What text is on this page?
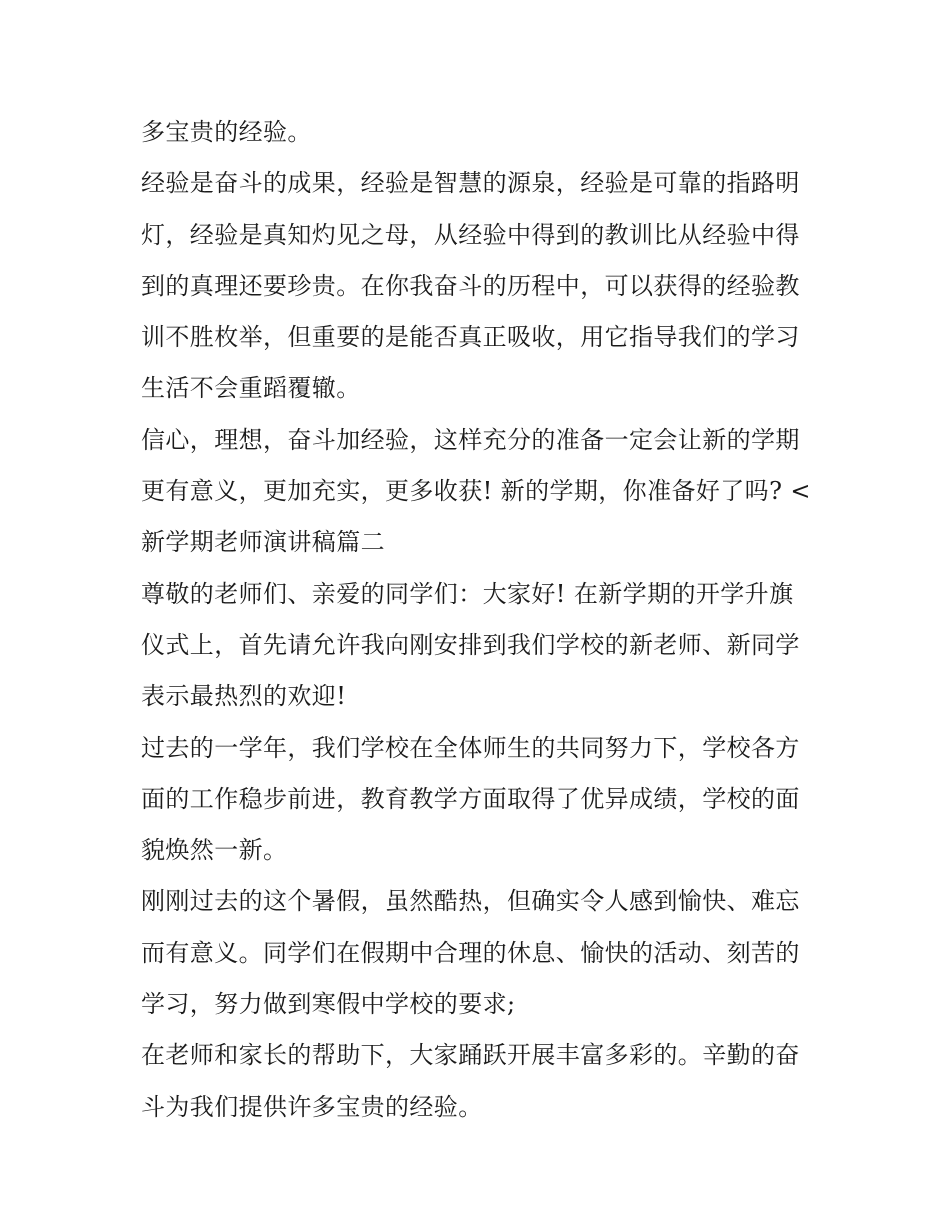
多宝贵的经验。
经验是奋斗的成果，经验是智慧的源泉，经验是可靠的指路明
灯，经验是真知灼见之母，从经验中得到的教训比从经验中得
到的真理还要珍贵。在你我奋斗的历程中，可以获得的经验教
训不胜枚举，但重要的是能否真正吸收，用它指导我们的学习
生活不会重蹈覆辙。
信心，理想，奋斗加经验，这样充分的准备一定会让新的学期
更有意义，更加充实，更多收获! 新的学期，你准备好了吗? <
新学期老师演讲稿篇二
尊敬的老师们、亲爱的同学们：大家好! 在新学期的开学升旗
仪式上，首先请允许我向刚安排到我们学校的新老师、新同学
表示最热烈的欢迎!
过去的一学年，我们学校在全体师生的共同努力下，学校各方
面的工作稳步前进，教育教学方面取得了优异成绩，学校的面
貌焕然一新。
刚刚过去的这个暑假，虽然酷热，但确实令人感到愉快、难忘
而有意义。同学们在假期中合理的休息、愉快的活动、刻苦的
学习，努力做到寒假中学校的要求;
在老师和家长的帮助下，大家踊跃开展丰富多彩的。辛勤的奋
斗为我们提供许多宝贵的经验。
